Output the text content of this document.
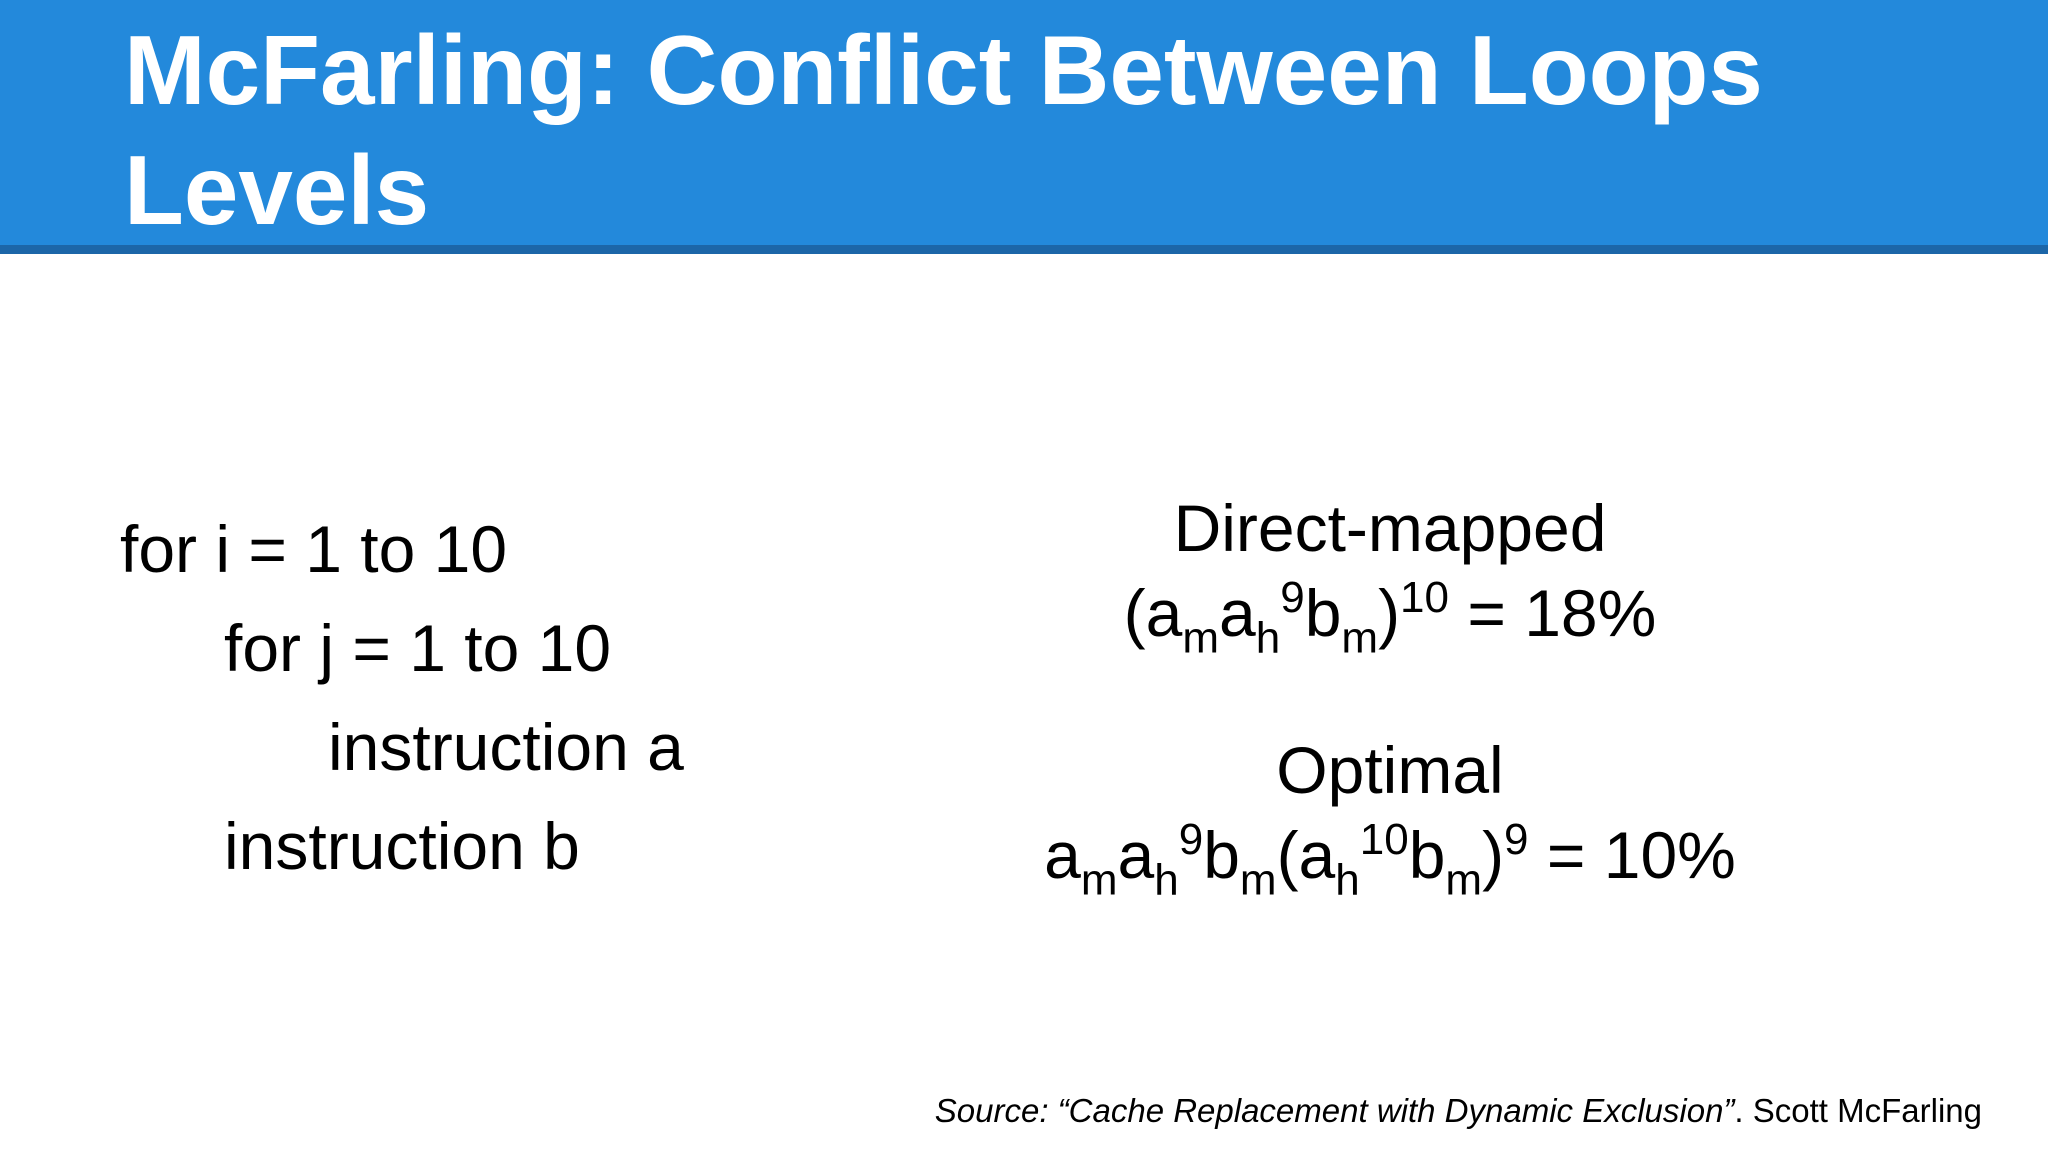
McFarling: Conflict Between Loops Levels
for i = 1 to 10
for j = 1 to 10
instruction a
instruction b
Direct-mapped
$(a_ma_h^9b_m)^{10} = 18\%$
Optimal
$a_ma_h^9b_m(a_h^{10}b_m)^9 = 10\%$
Source: “Cache Replacement with Dynamic Exclusion”. Scott McFarling
